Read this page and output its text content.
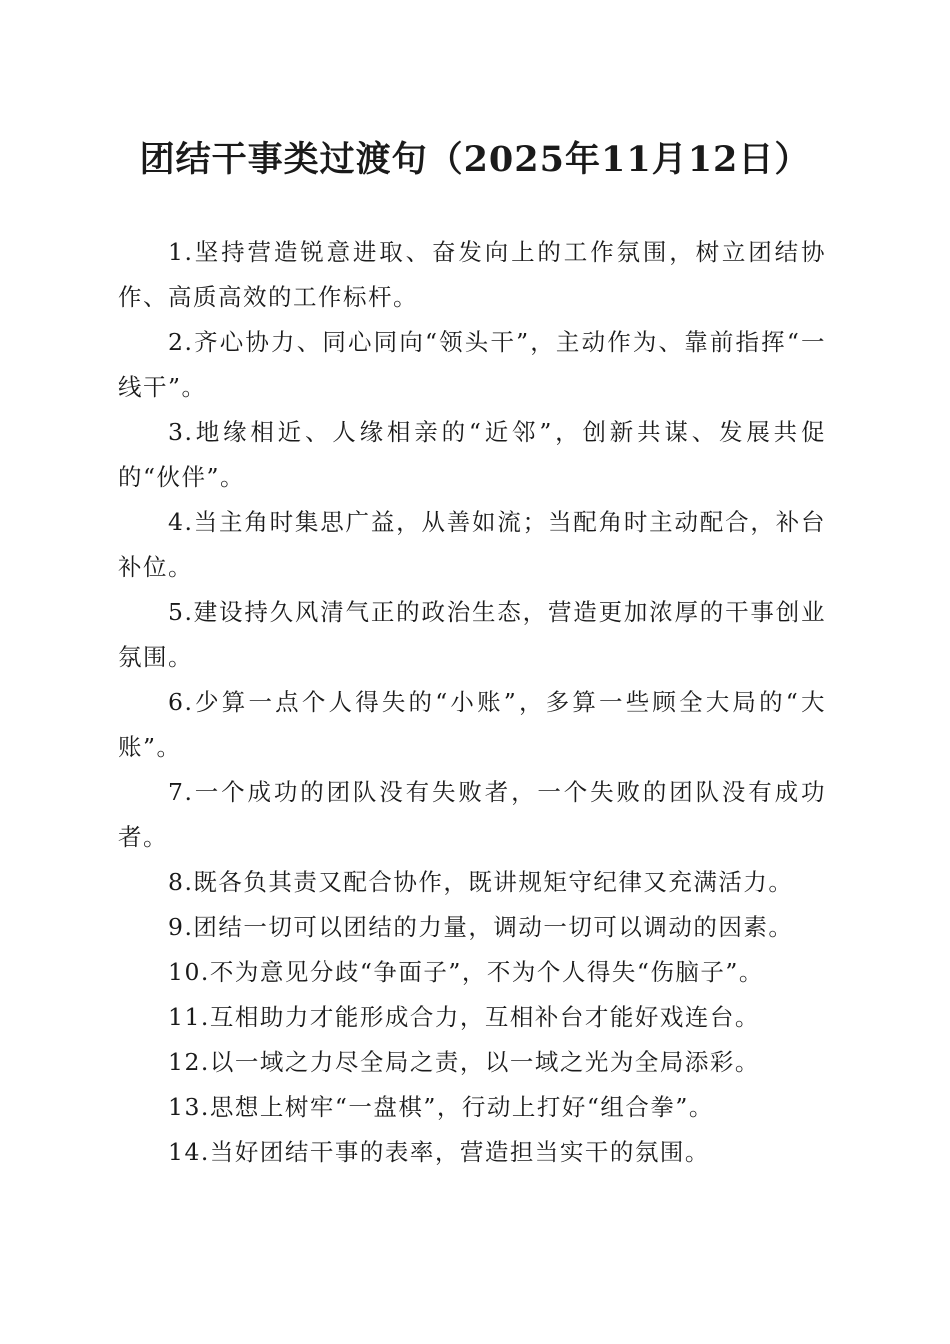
团结干事类过渡句（2025年11月12日）

1.坚持营造锐意进取、奋发向上的工作氛围，树立团结协作、高质高效的工作标杆。

2.齐心协力、同心同向“领头干”，主动作为、靠前指挥“一线干”。

3.地缘相近、人缘相亲的“近邻”，创新共谋、发展共促的“伙伴”。

4.当主角时集思广益，从善如流；当配角时主动配合，补台补位。

5.建设持久风清气正的政治生态，营造更加浓厚的干事创业氛围。

6.少算一点个人得失的“小账”，多算一些顾全大局的“大账”。

7.一个成功的团队没有失败者，一个失败的团队没有成功者。

8.既各负其责又配合协作，既讲规矩守纪律又充满活力。

9.团结一切可以团结的力量，调动一切可以调动的因素。

10.不为意见分歧“争面子”，不为个人得失“伤脑子”。

11.互相助力才能形成合力，互相补台才能好戏连台。

12.以一域之力尽全局之责，以一域之光为全局添彩。

13.思想上树牢“一盘棋”，行动上打好“组合拳”。

14.当好团结干事的表率，营造担当实干的氛围。
